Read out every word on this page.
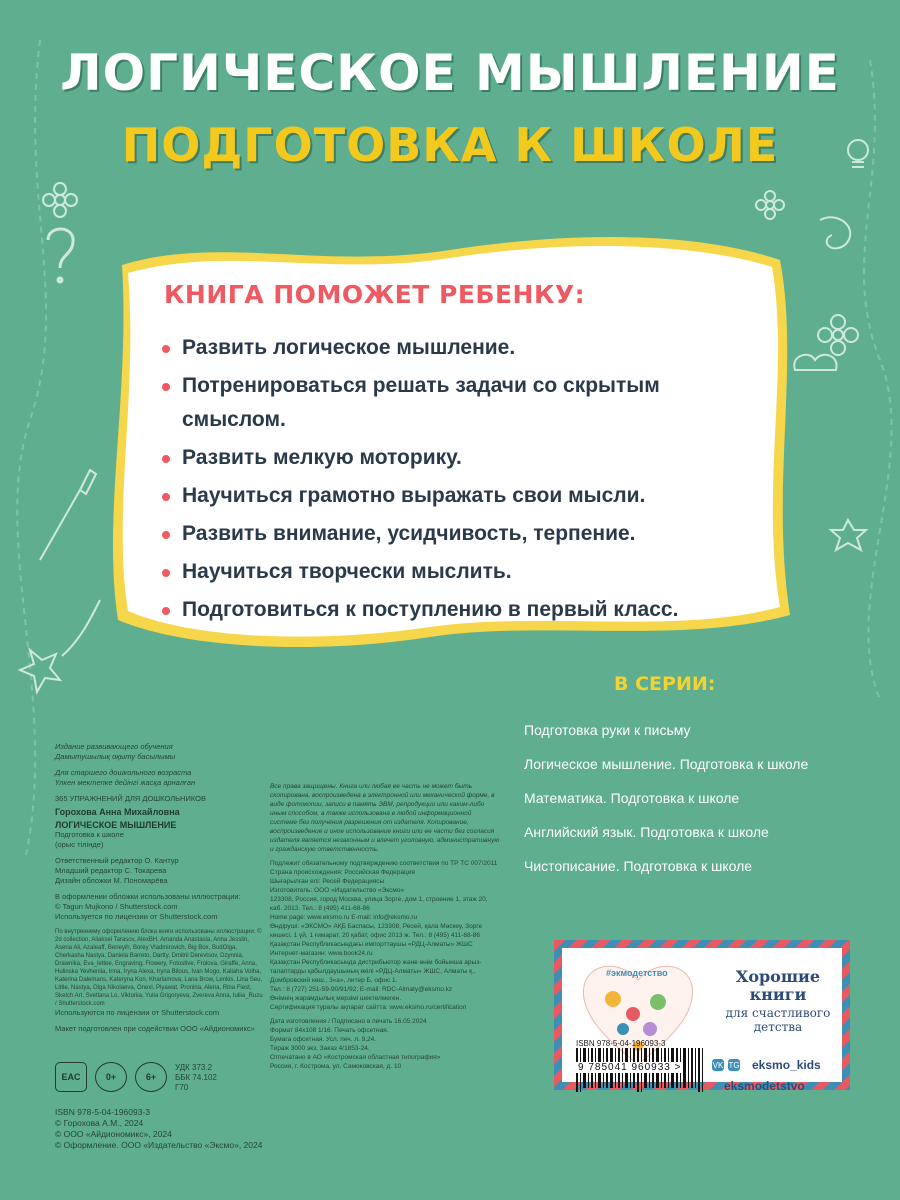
ЛОГИЧЕСКОЕ МЫШЛЕНИЕ
ПОДГОТОВКА К ШКОЛЕ
КНИГА ПОМОЖЕТ РЕБЕНКУ:
Развить логическое мышление.
Потренироваться решать задачи со скрытым смыслом.
Развить мелкую моторику.
Научиться грамотно выражать свои мысли.
Развить внимание, усидчивость, терпение.
Научиться творчески мыслить.
Подготовиться к поступлению в первый класс.
В СЕРИИ:
Подготовка руки к письму
Логическое мышление. Подготовка к школе
Математика. Подготовка к школе
Английский язык. Подготовка к школе
Чистописание. Подготовка к школе
Издание развивающего обучения
Дамытушылық оқыту басылымы
Для старшего дошкольного возраста
Үлкен мектепке дейінгі жасқа арналған
365 УПРАЖНЕНИЙ ДЛЯ ДОШКОЛЬНИКОВ
Горохова Анна Михайловна
ЛОГИЧЕСКОЕ МЫШЛЕНИЕ
Подготовка к школе
(орыс тілінде)
Ответственный редактор О. Кантур
Младший редактор С. Токарева
Дизайн обложки М. Пономарёва
В оформлении обложки использованы иллюстрации:
© Tagun Mujkono / Shutterstock.com
Используется по лицензии от Shutterstock.com
По внутреннему оформлению блока книги использованы иллюстрации: © 2d collection, Aliaksei Tarasov, AlexBH, Amanda Anastasia, Anna Jesslin, Asena Ali, Azaleaff, Beneyih, Borey Vladmirovich, Big Box, BudOlga, Cherkasha Nastya, Daniela Barreto, Dartty, Dmitrii Derevtsov, Dzynnia, Drawnika, Eva_lettee, Engraving, Flowery, Fotostive, Frolova, Giraffe, Anna, Hulinska Yevheniia, Inna, Iryna Alexa, Iryna Bilous, Ivan Mogo, Kaliaha Volha, Katerina Dalemans, Kateryna Kon, Kharlamova, Lana Brow, Lenkis, Lina Seu, Little, Nastya, Olga Nikolaeva, Onexi, Piyawat, Pronina, Alena, Rina Fiest, Sketch Art, Svetlana Lo, Viktoriia, Yulia Grigoryeva, Zvereva Anna, Iuliia_Ruzu / Shutterstock.com
Используются по лицензии от Shutterstock.com
Макет подготовлен при содействии ООО «Айдиономикс»
Все права защищены. Книга или любая ее часть не может быть скопирована, воспроизведена в электронной или механической форме, в виде фотокопии, записи в память ЭВМ, репродукции или каким-либо иным способом, а также использована в любой информационной системе без получения разрешения от издателя. Копирование, воспроизведение и иное использование книги или ее части без согласия издателя является незаконным и влечет уголовную, административную и гражданскую ответственность.
Подлежит обязательному подтверждению соответствия по ТР ТС 007/2011
Страна происхождения: Российская Федерация
Шығарылған елі: Ресей Федерациясы
Изготовитель: ООО «Издательство «Эксмо»
123308, Россия, город Москва, улица Зорге, дом 1, строение 1, этаж 20, каб. 2013. Тел.: 8 (495) 411-68-86
Home page: www.eksmo.ru E-mail: info@eksmo.ru
Өндіруші: «ЭКСМО» АҚБ Баспасы, 123308, Ресей, қала Мәскеу, Зорге көшесі, 1 үй, 1 ғимарат, 20 қабат, офис 2013 ж. Тел.: 8 (495) 411-68-86
Қазақстан Республикасындағы импорттаушы «РДЦ-Алматы» ЖШС
Интернет-магазин: www.book24.ru
Қазақстан Республикасында дистрибьютор және өнім бойынша арыз-талаптарды қабылдаушының өкілі «РДЦ-Алматы» ЖШС, Алматы қ., Домбровский көш., 3«а», литер Б, офис 1.
Тел.: 8 (727) 251-59-90/91/92; E-mail: RDC-Almaty@eksmo.kz
Өнімнің жарамдылық мерзімі шектелмеген.
Сертификация туралы ақпарат сайтта: www.eksmo.ru/certification
Дата изготовления / Подписано в печать 16.05.2024
Формат 84x108 1/16. Печать офсетная.
Бумага офсетная. Усл. печ. л. 9,24.
Тираж 3000 экз. Заказ 4/1853-24.
Отпечатано в АО «Костромская областная типография»
Россия, г. Кострома, ул. Самоковская, д. 10
EAC	0+	6+
УДК 373.2
ББК 74.102
Г70
ISBN 978-5-04-196093-3
© Горохова А.М., 2024
© ООО «Айдиономикс», 2024
© Оформление. ООО «Издательство «Эксмо», 2024
#экмодетство	Хорошие книги
для счастливого детства
ISBN 978-5-04-196093-3
VK TG eksmo_kids
eksmodetstvo
9 785041 960933 >
